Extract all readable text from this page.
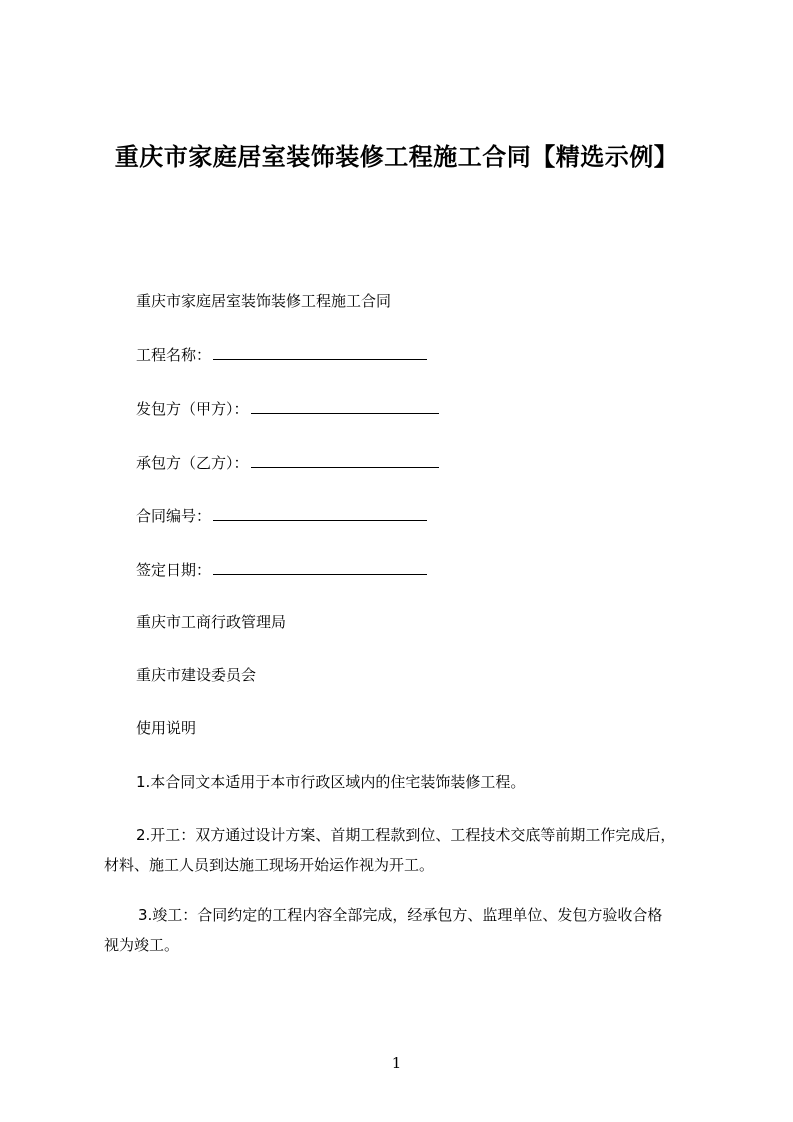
重庆市家庭居室装饰装修工程施工合同【精选示例】
重庆市家庭居室装饰装修工程施工合同
工程名称：
发包方（甲方）：
承包方（乙方）：
合同编号：
签定日期：
重庆市工商行政管理局
重庆市建设委员会
使用说明
1.本合同文本适用于本市行政区域内的住宅装饰装修工程。
2.开工：双方通过设计方案、首期工程款到位、工程技术交底等前期工作完成后，
材料、施工人员到达施工现场开始运作视为开工。
3.竣工：合同约定的工程内容全部完成，经承包方、监理单位、发包方验收合格
视为竣工。
1
